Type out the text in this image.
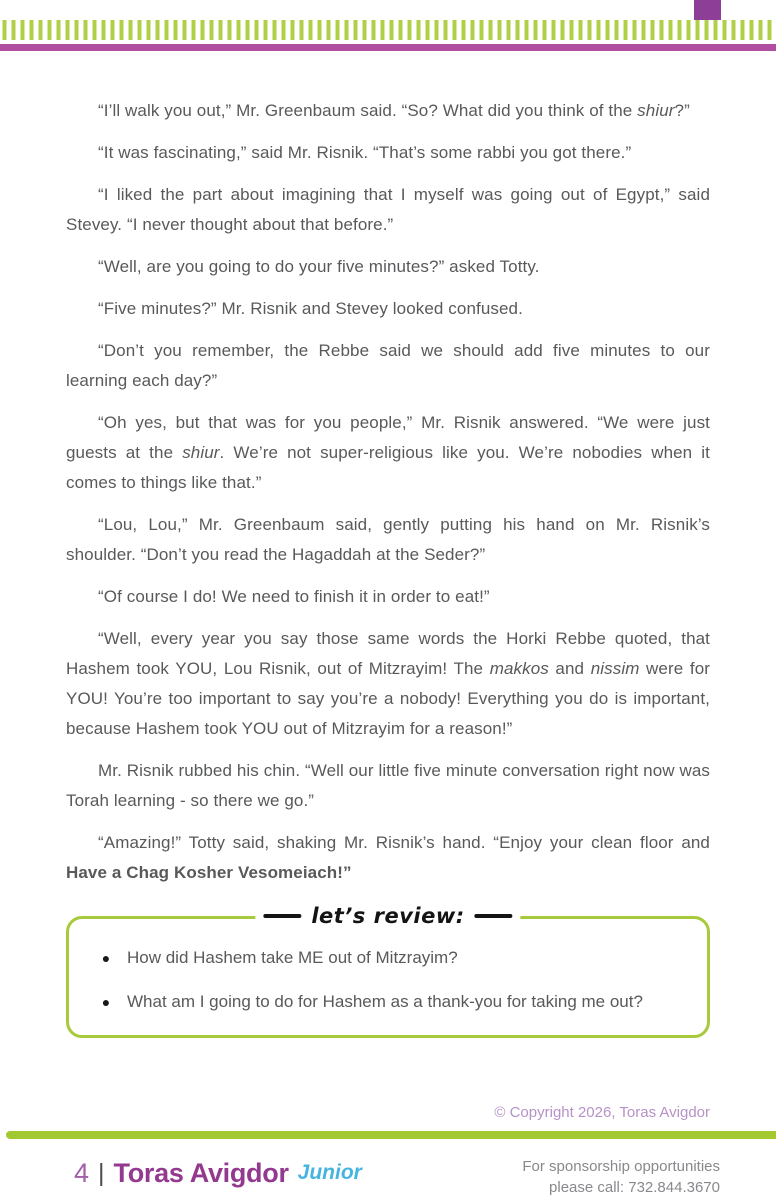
“I’ll walk you out,” Mr. Greenbaum said. “So? What did you think of the shiur?”

“It was fascinating,” said Mr. Risnik. “That’s some rabbi you got there.”

“I liked the part about imagining that I myself was going out of Egypt,” said Stevey. “I never thought about that before.”

“Well, are you going to do your five minutes?” asked Totty.

“Five minutes?” Mr. Risnik and Stevey looked confused.

“Don’t you remember, the Rebbe said we should add five minutes to our learning each day?”

“Oh yes, but that was for you people,” Mr. Risnik answered. “We were just guests at the shiur. We’re not super-religious like you. We’re nobodies when it comes to things like that.”

“Lou, Lou,” Mr. Greenbaum said, gently putting his hand on Mr. Risnik’s shoulder. “Don’t you read the Hagaddah at the Seder?”

“Of course I do! We need to finish it in order to eat!”

“Well, every year you say those same words the Horki Rebbe quoted, that Hashem took YOU, Lou Risnik, out of Mitzrayim! The makkos and nissim were for YOU! You’re too important to say you’re a nobody! Everything you do is important, because Hashem took YOU out of Mitzrayim for a reason!”

Mr. Risnik rubbed his chin. “Well our little five minute conversation right now was Torah learning - so there we go.”

“Amazing!” Totty said, shaking Mr. Risnik’s hand. “Enjoy your clean floor and Have a Chag Kosher Vesomeiach!”

let’s review:
● How did Hashem take ME out of Mitzrayim?
● What am I going to do for Hashem as a thank-you for taking me out?
© Copyright 2026, Toras Avigdor
4 | Toras Avigdor Junior	For sponsorship opportunities
please call: 732.844.3670
